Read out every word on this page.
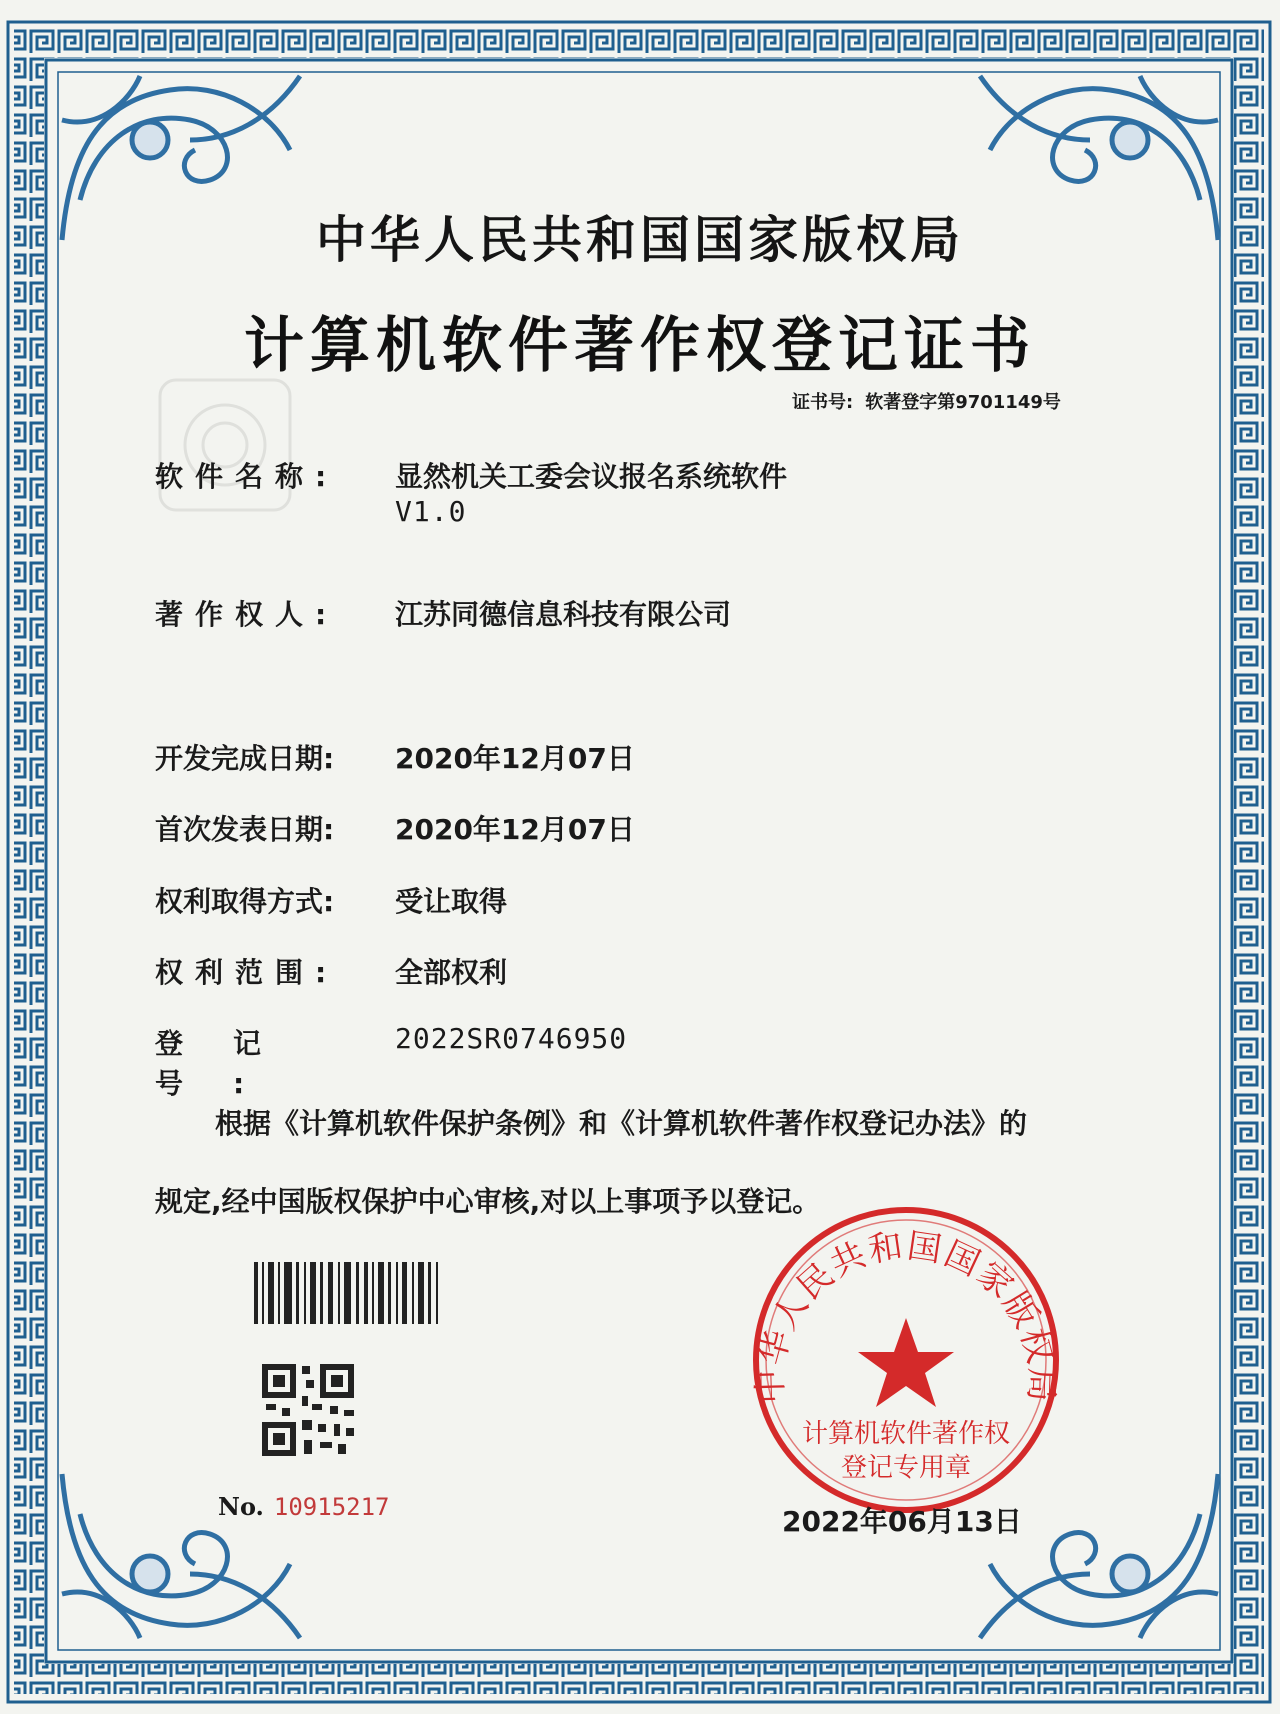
中华人民共和国国家版权局
计算机软件著作权
登记专用章
中华人民共和国国家版权局
计算机软件著作权登记证书
证书号: 软著登字第9701149号
软件名称: 显然机关工委会议报名系统软件
V1.0
著作权人: 江苏同德信息科技有限公司
开发完成日期: 2020年12月07日
首次发表日期: 2020年12月07日
权利取得方式: 受让取得
权利范围: 全部权利
登记号:
2022SR0746950
根据《计算机软件保护条例》和《计算机软件著作权登记办法》的
规定,经中国版权保护中心审核,对以上事项予以登记。
No. 10915217	2022年06月13日
